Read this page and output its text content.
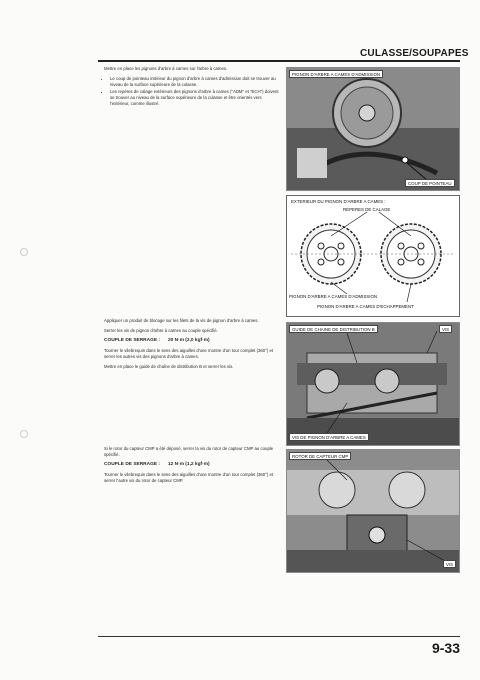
CULASSE/SOUPAPES

Mettre en place les pignons d'arbre à cames sur l'arbre à cames.

• Le coup de pointeau intérieur du pignon d'arbre à cames d'admission doit se trouver au niveau de la surface supérieure de la culasse.
• Les repères de calage extérieurs des pignons d'arbre à cames ("ADM" et "ECH") doivent se trouver au niveau de la surface supérieure de la culasse et être orientés vers l'extérieur, comme illustré.

Appliquer un produit de blocage sur les filets de la vis de pignon d'arbre à cames.

Serrer les vis de pignon d'arbre à cames au couple spécifié.

COUPLE DE SERRAGE : 20 N·m (2,0 kgf·m)

Tourner le vilebrequin dans le sens des aiguilles d'une montre d'un tour complet (360°) et serrer les autres vis des pignons d'arbre à cames.

Mettre en place le guide de chaîne de distribution B et serrer les vis.

Si le rotor du capteur CMP a été déposé, serrer la vis du rotor de capteur CMP au couple spécifié.

COUPLE DE SERRAGE : 12 N·m (1,2 kgf·m)

Tourner le vilebrequin dans le sens des aiguilles d'une montre d'un tour complet (360°) et serrer l'autre vis du rotor de capteur CMP.

PIGNON D'ARBRE A CAMES D'ADMISSION
COUP DE POINTEAU
EXTERIEUR DU PIGNON D'ARBRE A CAMES :
REPERES DE CALAGE
PIGNON D'ARBRE A CAMES D'ADMISSION
PIGNON D'ARBRE A CAMES D'ECHAPPEMENT
GUIDE DE CHAINE DE DISTRIBUTION B	VIS
VIS DE PIGNON D'ARBRE A CAMES
ROTOR DE CAPTEUR CMP
VIS
9-33
